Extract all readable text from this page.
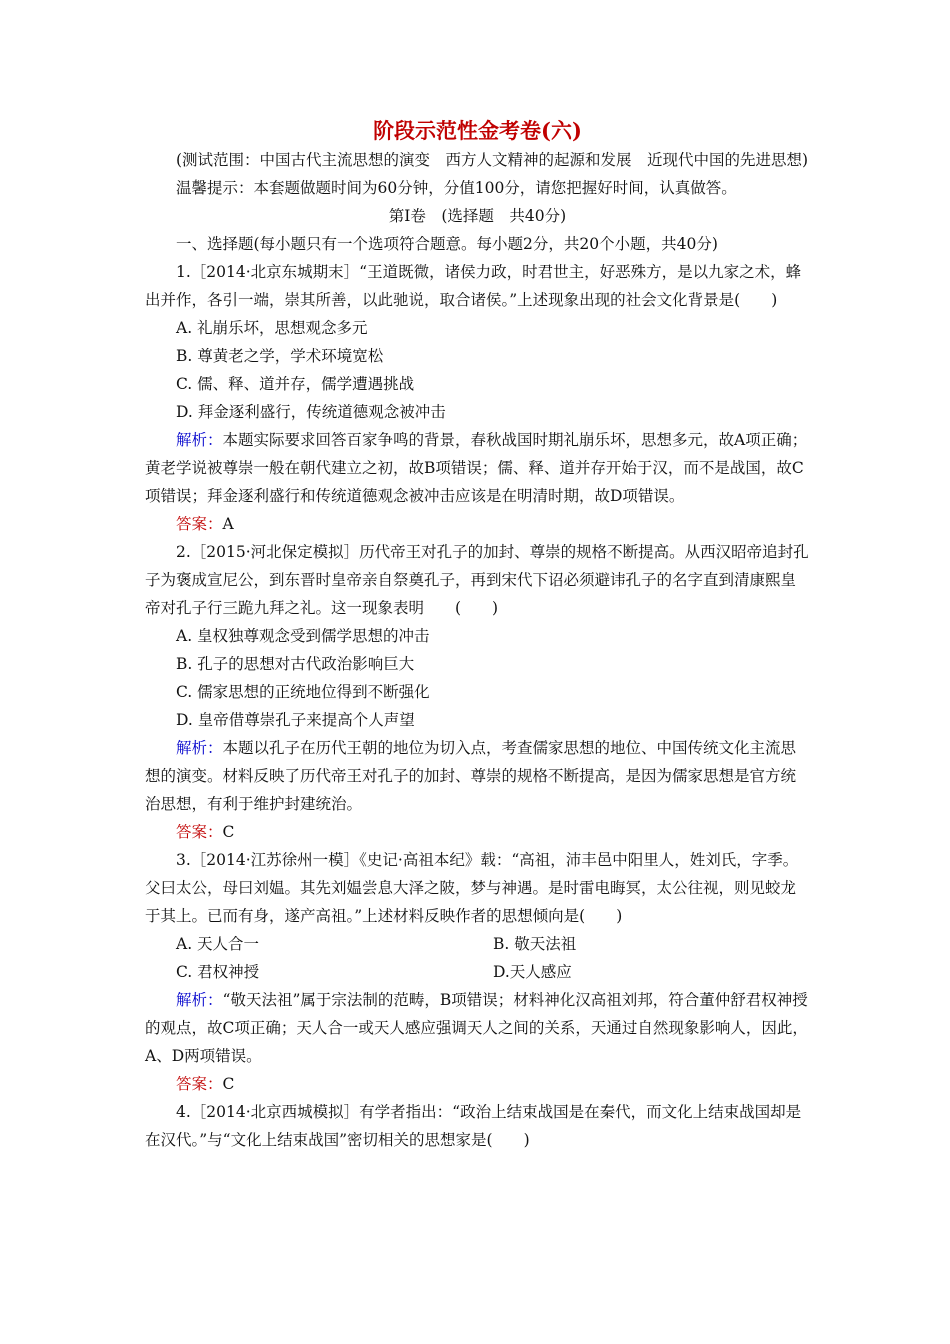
阶段示范性金考卷(六)

(测试范围：中国古代主流思想的演变　西方人文精神的起源和发展　近现代中国的先进思想)

温馨提示：本套题做题时间为60分钟，分值100分，请您把握好时间，认真做答。

第Ⅰ卷　(选择题　共40分)

一、选择题(每小题只有一个选项符合题意。每小题2分，共20个小题，共40分)

1.［2014·北京东城期末］“王道既微，诸侯力政，时君世主，好恶殊方，是以九家之术，蜂出并作，各引一端，崇其所善，以此驰说，取合诸侯。”上述现象出现的社会文化背景是(　　)

A. 礼崩乐坏，思想观念多元

B. 尊黄老之学，学术环境宽松

C. 儒、释、道并存，儒学遭遇挑战

D. 拜金逐利盛行，传统道德观念被冲击

解析：本题实际要求回答百家争鸣的背景，春秋战国时期礼崩乐坏，思想多元，故A项正确；黄老学说被尊崇一般在朝代建立之初，故B项错误；儒、释、道并存开始于汉，而不是战国，故C项错误；拜金逐利盛行和传统道德观念被冲击应该是在明清时期，故D项错误。

答案：A

2.［2015·河北保定模拟］历代帝王对孔子的加封、尊崇的规格不断提高。从西汉昭帝追封孔子为褒成宣尼公，到东晋时皇帝亲自祭奠孔子，再到宋代下诏必须避讳孔子的名字直到清康熙皇帝对孔子行三跪九拜之礼。这一现象表明　　(　　)

A. 皇权独尊观念受到儒学思想的冲击

B. 孔子的思想对古代政治影响巨大

C. 儒家思想的正统地位得到不断强化

D. 皇帝借尊崇孔子来提高个人声望

解析：本题以孔子在历代王朝的地位为切入点，考查儒家思想的地位、中国传统文化主流思想的演变。材料反映了历代帝王对孔子的加封、尊崇的规格不断提高，是因为儒家思想是官方统治思想，有利于维护封建统治。

答案：C

3.［2014·江苏徐州一模］《史记·高祖本纪》载：“高祖，沛丰邑中阳里人，姓刘氏，字季。父曰太公，母曰刘媪。其先刘媪尝息大泽之陂，梦与神遇。是时雷电晦冥，太公往视，则见蛟龙于其上。已而有身，遂产高祖。”上述材料反映作者的思想倾向是(　　)

A. 天人合一	B. 敬天法祖
C. 君权神授	D.天人感应

解析：“敬天法祖”属于宗法制的范畴，B项错误；材料神化汉高祖刘邦，符合董仲舒君权神授的观点，故C项正确；天人合一或天人感应强调天人之间的关系，天通过自然现象影响人，因此，A、D两项错误。

答案：C

4.［2014·北京西城模拟］有学者指出：“政治上结束战国是在秦代，而文化上结束战国却是在汉代。”与“文化上结束战国”密切相关的思想家是(　　)
